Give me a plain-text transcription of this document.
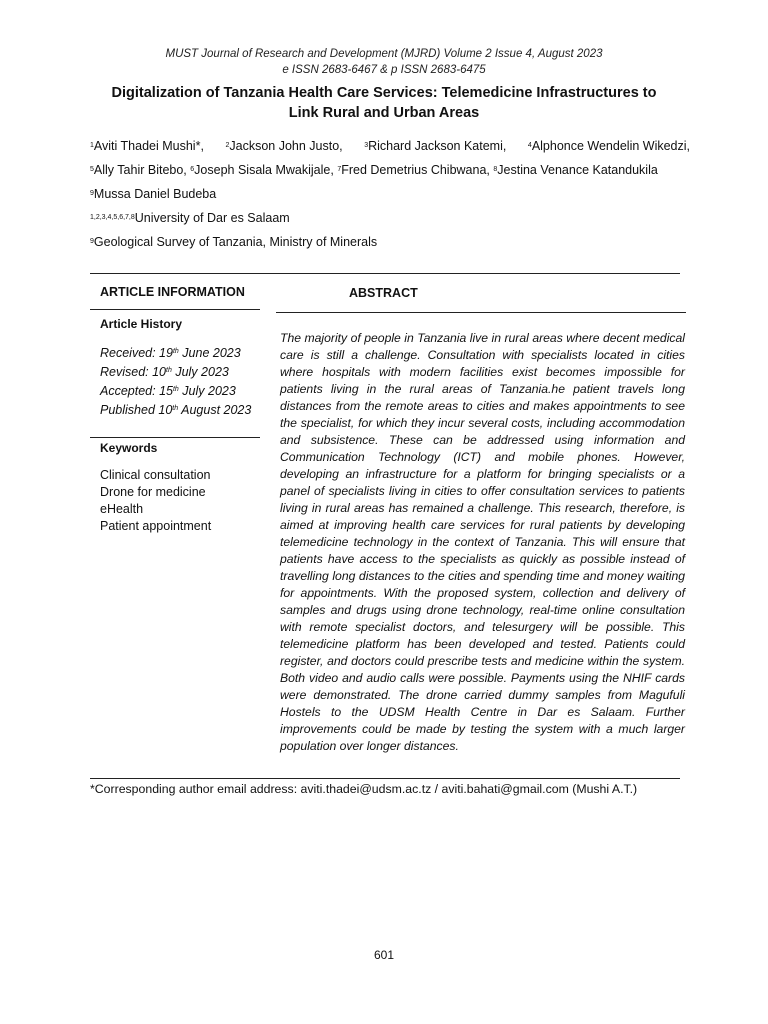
MUST Journal of Research and Development (MJRD) Volume 2 Issue 4, August 2023
e ISSN 2683-6467 & p ISSN 2683-6475
Digitalization of Tanzania Health Care Services: Telemedicine Infrastructures to
Link Rural and Urban Areas
$^1$Aviti Thadei Mushi*,	$^2$Jackson John Justo,	$^3$Richard Jackson Katemi,	$^4$Alphonce Wendelin Wikedzi,
$^5$Ally Tahir Bitebo, $^6$Joseph Sisala Mwakijale, $^7$Fred Demetrius Chibwana, $^8$Jestina Venance Katandukila
$^9$Mussa Daniel Budeba
$^{1,2,3,4,5,6,7,8}$University of Dar es Salaam
$^9$Geological Survey of Tanzania, Ministry of Minerals
ARTICLE INFORMATION
Article History
Received: 19th June 2023
Revised: 10th July 2023
Accepted: 15th July 2023
Published 10th August 2023
Keywords
Clinical consultation
Drone for medicine
eHealth
Patient appointment
ABSTRACT
The majority of people in Tanzania live in rural areas where decent medical care is still a challenge. Consultation with specialists located in cities where hospitals with modern facilities exist becomes impossible for patients living in the rural areas of Tanzania.he patient travels long distances from the remote areas to cities and makes appointments to see the specialist, for which they incur several costs, including accommodation and subsistence. These can be addressed using information and Communication Technology (ICT) and mobile phones. However, developing an infrastructure for a platform for bringing specialists or a panel of specialists living in cities to offer consultation services to patients living in rural areas has remained a challenge. This research, therefore, is aimed at improving health care services for rural patients by developing telemedicine technology in the context of Tanzania. This will ensure that patients have access to the specialists as quickly as possible instead of travelling long distances to the cities and spending time and money waiting for appointments. With the proposed system, collection and delivery of samples and drugs using drone technology, real-time online consultation with remote specialist doctors, and telesurgery will be possible. This telemedicine platform has been developed and tested. Patients could register, and doctors could prescribe tests and medicine within the system. Both video and audio calls were possible. Payments using the NHIF cards were demonstrated. The drone carried dummy samples from Magufuli Hostels to the UDSM Health Centre in Dar es Salaam. Further improvements could be made by testing the system with a much larger population over longer distances.
*Corresponding author email address: aviti.thadei@udsm.ac.tz / aviti.bahati@gmail.com (Mushi A.T.)
601
